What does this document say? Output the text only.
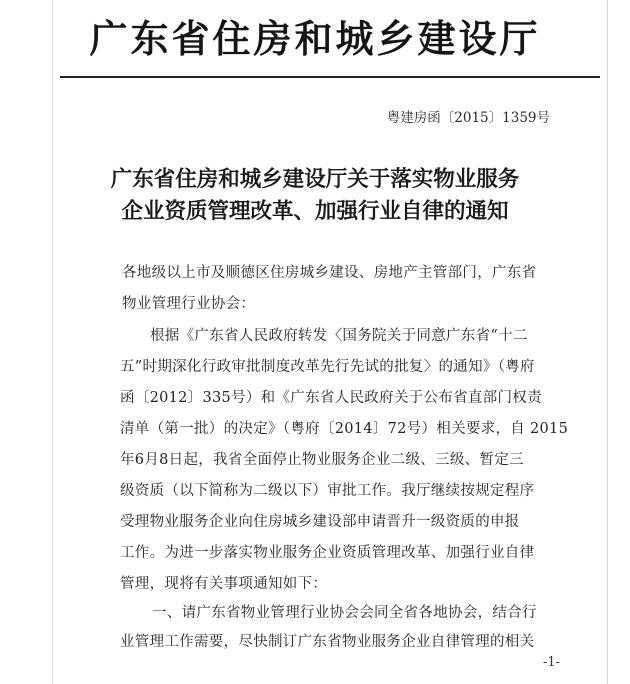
广东省住房和城乡建设厅
粤建房函〔2015〕1359号
广东省住房和城乡建设厅关于落实物业服务
企业资质管理改革、加强行业自律的通知
各地级以上市及顺德区住房城乡建设、房地产主管部门，广东省
物业管理行业协会：
根据《广东省人民政府转发〈国务院关于同意广东省“十二
五”时期深化行政审批制度改革先行先试的批复〉的通知》（粤府
函〔2012〕335号）和《广东省人民政府关于公布省直部门权责
清单（第一批）的决定》（粤府〔2014〕72号）相关要求，自 2015
年6月8日起，我省全面停止物业服务企业二级、三级、暂定三
级资质（以下简称为二级以下）审批工作。我厅继续按规定程序
受理物业服务企业向住房城乡建设部申请晋升一级资质的申报
工作。为进一步落实物业服务企业资质管理改革、加强行业自律
管理，现将有关事项通知如下：
一、请广东省物业管理行业协会会同全省各地协会，结合行
业管理工作需要，尽快制订广东省物业服务企业自律管理的相关
-1-
